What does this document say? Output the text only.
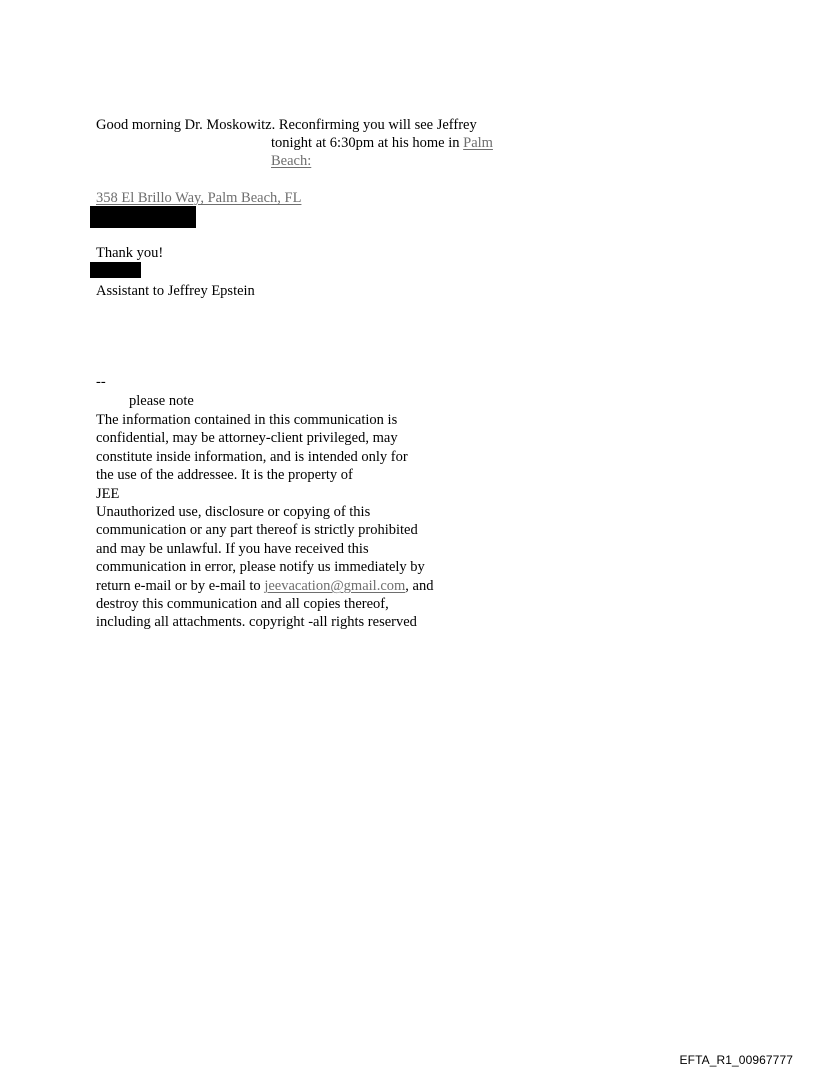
Good morning Dr. Moskowitz. Reconfirming you will see Jeffrey
tonight at 6:30pm at his home in Palm
Beach:
358 El Brillo Way, Palm Beach, FL
Thank you!
Assistant to Jeffrey Epstein
--
please note
The information contained in this communication is
confidential, may be attorney-client privileged, may
constitute inside information, and is intended only for
the use of the addressee. It is the property of
JEE
Unauthorized use, disclosure or copying of this
communication or any part thereof is strictly prohibited
and may be unlawful. If you have received this
communication in error, please notify us immediately by
return e-mail or by e-mail to jeevacation@gmail.com, and
destroy this communication and all copies thereof,
including all attachments. copyright -all rights reserved
EFTA_R1_00967777
